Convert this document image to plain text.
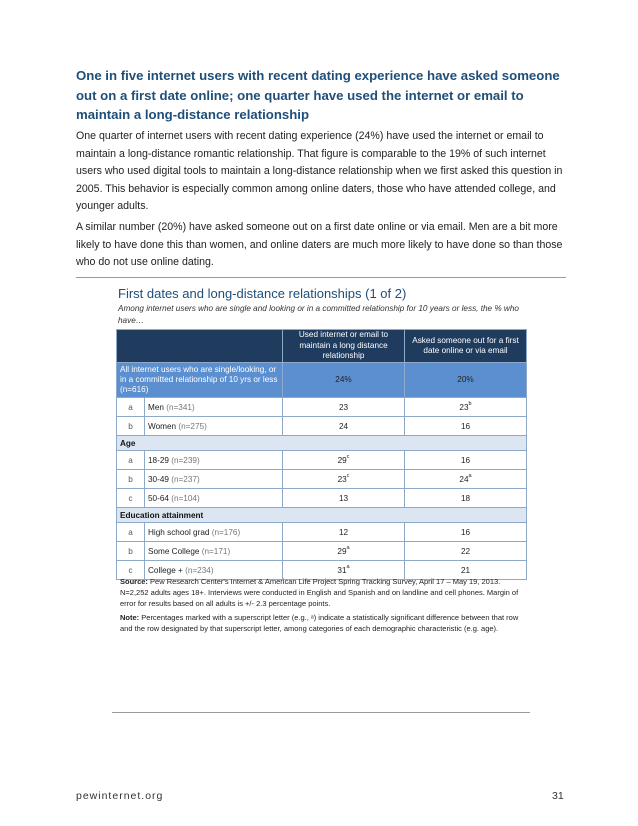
One in five internet users with recent dating experience have asked someone out on a first date online; one quarter have used the internet or email to maintain a long-distance relationship
One quarter of internet users with recent dating experience (24%) have used the internet or email to maintain a long-distance romantic relationship. That figure is comparable to the 19% of such internet users who used digital tools to maintain a long-distance relationship when we first asked this question in 2005. This behavior is especially common among online daters, those who have attended college, and younger adults.
A similar number (20%) have asked someone out on a first date online or via email. Men are a bit more likely to have done this than women, and online daters are much more likely to have done so than those who do not use online dating.
First dates and long-distance relationships (1 of 2)
Among internet users who are single and looking or in a committed relationship for 10 years or less, the % who have…
		Used internet or email to maintain a long distance relationship	Asked someone out for a first date online or via email
All internet users who are single/looking, or in a committed relationship of 10 yrs or less (n=616)		24%	20%
a	Men (n=341)	23	23$^b$
b	Women (n=275)	24	16
Age			
a	18-29 (n=239)	29$^c$	16
b	30-49 (n=237)	23$^c$	24$^a$
c	50-64 (n=104)	13	18
Education attainment			
a	High school grad (n=176)	12	16
b	Some College (n=171)	29$^a$	22
c	College + (n=234)	31$^a$	21

Source: Pew Research Center's Internet & American Life Project Spring Tracking Survey, April 17 – May 19, 2013. N=2,252 adults ages 18+. Interviews were conducted in English and Spanish and on landline and cell phones. Margin of error for results based on all adults is +/- 2.3 percentage points.

Note: Percentages marked with a superscript letter (e.g., ᵃ) indicate a statistically significant difference between that row and the row designated by that superscript letter, among categories of each demographic characteristic (e.g. age).

pewinternet.org	31
